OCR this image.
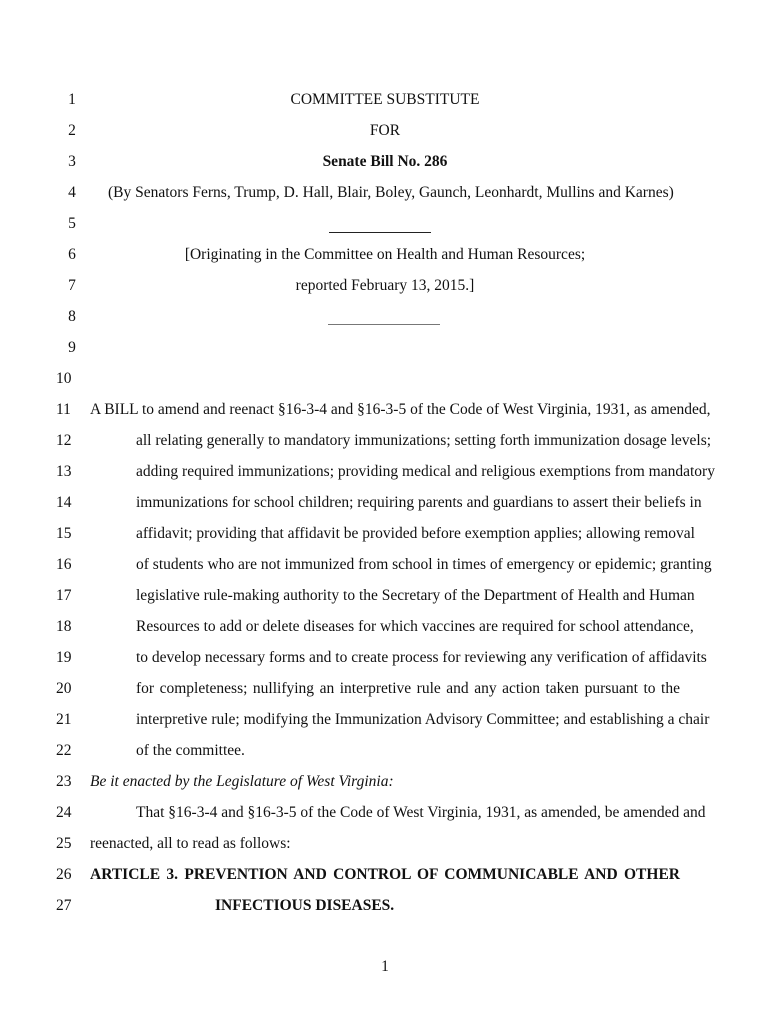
1	COMMITTEE SUBSTITUTE
2	FOR
3	Senate Bill No. 286
4	(By Senators Ferns, Trump, D. Hall, Blair, Boley, Gaunch, Leonhardt, Mullins and Karnes)
5
6	[Originating in the Committee on Health and Human Resources;
7	reported February 13, 2015.]
8
9
10
11	A BILL to amend and reenact §16-3-4 and §16-3-5 of the Code of West Virginia, 1931, as amended,
12	all relating generally to mandatory immunizations; setting forth immunization dosage levels;
13	adding required immunizations; providing medical and religious exemptions from mandatory
14	immunizations for school children; requiring parents and guardians to assert their beliefs in
15	affidavit; providing that affidavit be provided before exemption applies; allowing removal
16	of students who are not immunized from school in times of emergency or epidemic; granting
17	legislative rule-making authority to the Secretary of the Department of Health and Human
18	Resources to add or delete diseases for which vaccines are required for school attendance,
19	to develop necessary forms and to create process for reviewing any verification of affidavits
20	for completeness; nullifying an interpretive rule and any action taken pursuant to the
21	interpretive rule; modifying the Immunization Advisory Committee; and establishing a chair
22	of the committee.
23	Be it enacted by the Legislature of West Virginia:
24	That §16-3-4 and §16-3-5 of the Code of West Virginia, 1931, as amended, be amended and
25	reenacted, all to read as follows:
26	ARTICLE 3. PREVENTION AND CONTROL OF COMMUNICABLE AND OTHER
27	INFECTIOUS DISEASES.
1
